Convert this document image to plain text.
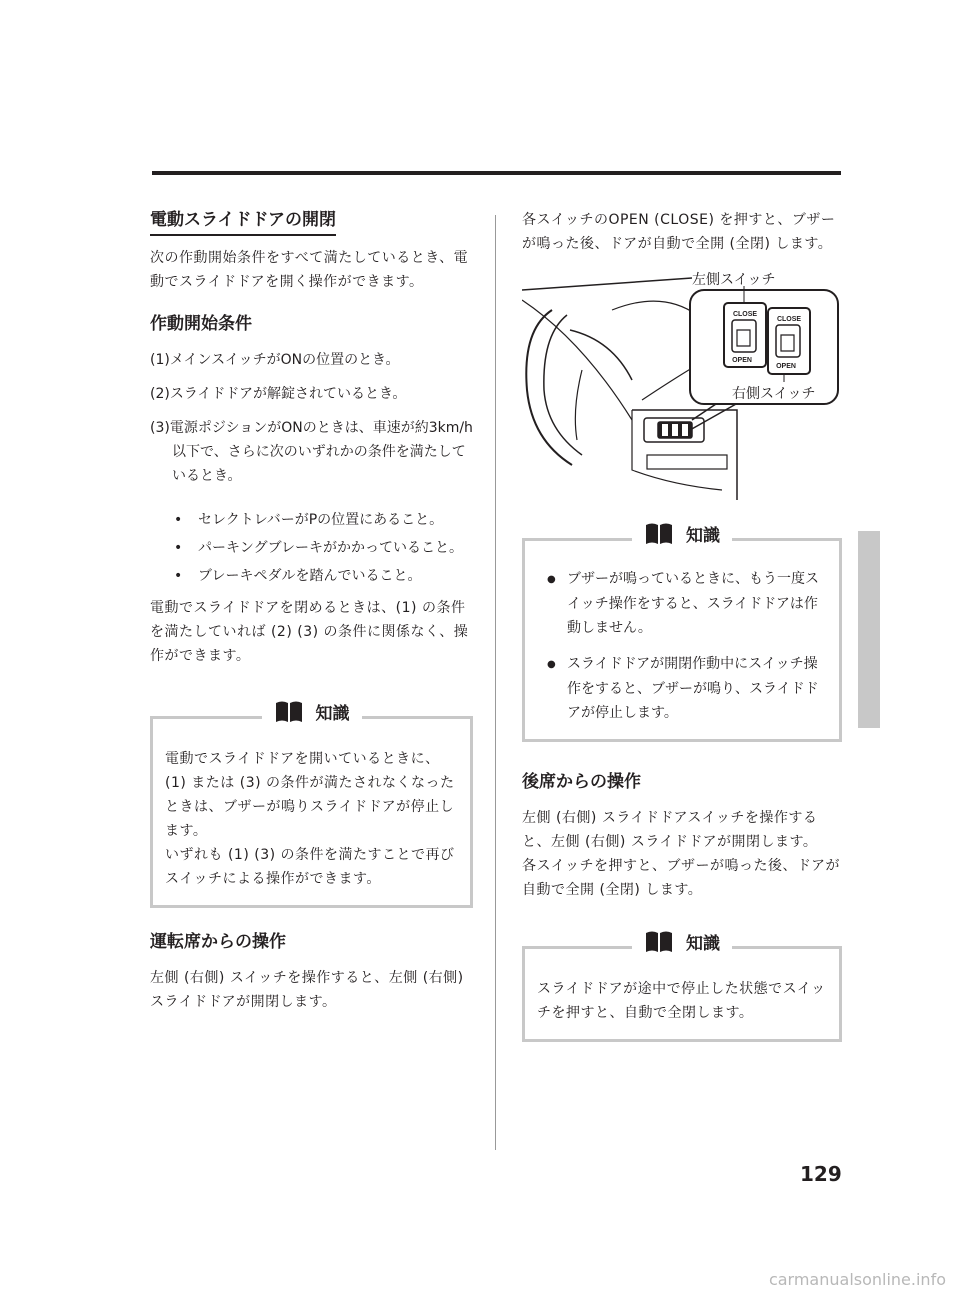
電動スライドドアの開閉

次の作動開始条件をすべて満たしているとき、電動でスライドドアを開く操作ができます。

作動開始条件
(1)メインスイッチがONの位置のとき。
(2)スライドドアが解錠されているとき。
(3)電源ポジションがONのときは、車速が約3km/h以下で、さらに次のいずれかの条件を満たしているとき。
• セレクトレバーがPの位置にあること。
• パーキングブレーキがかかっていること。
• ブレーキペダルを踏んでいること。

電動でスライドドアを閉めるときは、(1) の条件を満たしていれば (2) (3) の条件に関係なく、操作ができます。

知識

電動でスライドドアを開いているときに、(1) または (3) の条件が満たされなくなったときは、ブザーが鳴りスライドドアが停止します。

いずれも (1) (3) の条件を満たすことで再びスイッチによる操作ができます。

運転席からの操作

左側 (右側) スイッチを操作すると、左側 (右側) スライドドアが開閉します。

各スイッチのOPEN (CLOSE) を押すと、ブザーが鳴った後、ドアが自動で全開 (全閉) します。

CLOSE
OPEN
CLOSE
OPEN
左側スイッチ
右側スイッチ
知識
● ブザーが鳴っているときに、もう一度スイッチ操作をすると、スライドドアは作動しません。
● スライドドアが開閉作動中にスイッチ操作をすると、ブザーが鳴り、スライドドアが停止します。
後席からの操作

左側 (右側) スライドドアスイッチを操作すると、左側 (右側) スライドドアが開閉します。

各スイッチを押すと、ブザーが鳴った後、ドアが自動で全開 (全閉) します。

知識

スライドドアが途中で停止した状態でスイッチを押すと、自動で全閉します。

129
carmanualsonline.info
